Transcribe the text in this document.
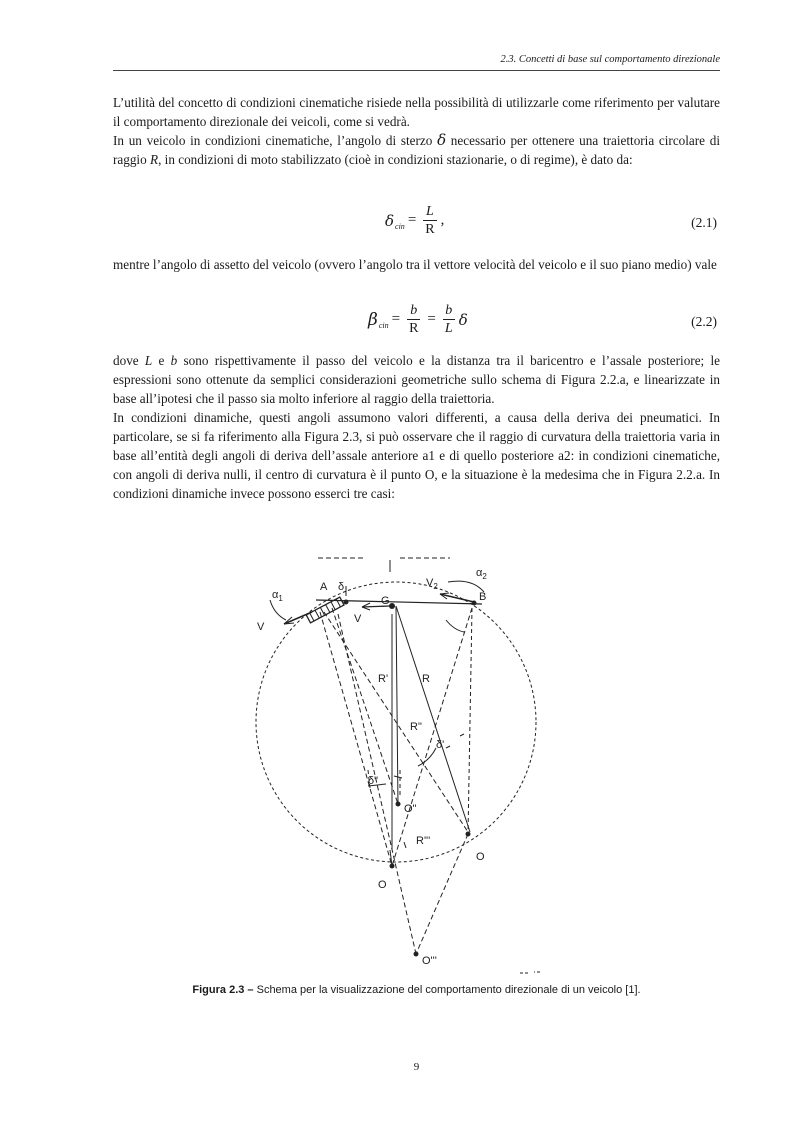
2.3. Concetti di base sul comportamento direzionale

L’utilità del concetto di condizioni cinematiche risiede nella possibilità di utilizzarle come riferimento per valutare il comportamento direzionale dei veicoli, come si vedrà.

In un veicolo in condizioni cinematiche, l’angolo di sterzo δ necessario per ottenere una traiettoria circolare di raggio R, in condizioni di moto stabilizzato (cioè in condizioni stazionarie, o di regime), è dato da:

δ cin = $\frac{L}{R}$ ,	(2.1)
mentre l’angolo di assetto del veicolo (ovvero l’angolo tra il vettore velocità del veicolo e il suo piano medio) vale
β cin = $\frac{b}{R} = \frac{b}{L}$ δ	(2.2)

dove L e b sono rispettivamente il passo del veicolo e la distanza tra il baricentro e l’assale posteriore; le espressioni sono ottenute da semplici considerazioni geometriche sullo schema di Figura 2.2.a, e linearizzate in base all’ipotesi che il passo sia molto inferiore al raggio della traiettoria.

In condizioni dinamiche, questi angoli assumono valori differenti, a causa della deriva dei pneumatici. In particolare, se si fa riferimento alla Figura 2.3, si può osservare che il raggio di curvatura della traiettoria varia in base all’entità degli angoli di deriva dell’assale anteriore a1 e di quello posteriore a2: in condizioni cinematiche, con angoli di deriva nulli, il centro di curvatura è il punto O, e la situazione è la medesima che in Figura 2.2.a. In condizioni dinamiche invece possono esserci tre casi:

$\alpha_1$
A δ
G	B
V
V
$V_2$
$\alpha_2$
R'	R
R"
δ'
δ"
O"
R'''
O
O
O'''
Figura 2.3 – Schema per la visualizzazione del comportamento direzionale di un veicolo [1].
9
